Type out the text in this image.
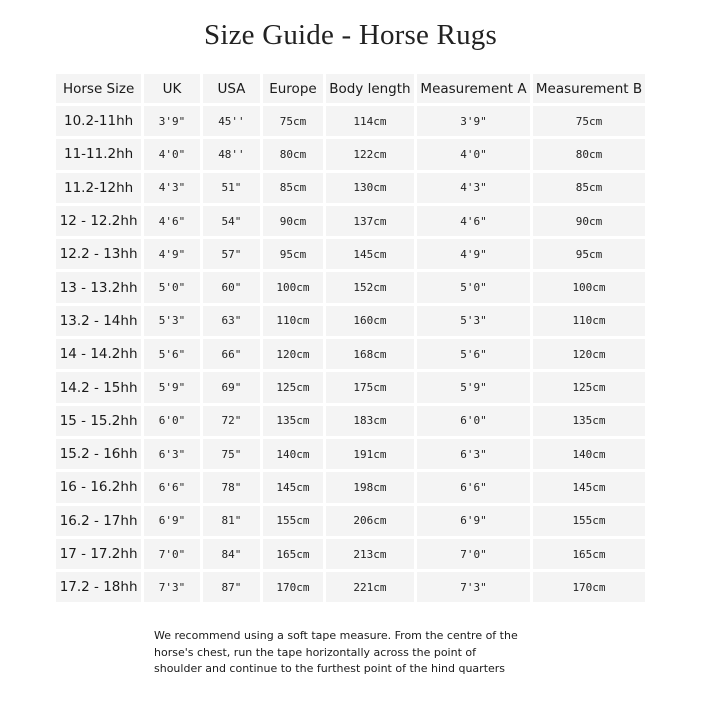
Size Guide - Horse Rugs
Horse Size	UK	USA	Europe	Body length	Measurement A	Measurement B
10.2-11hh	3'9"	45''	75cm	114cm	3'9"	75cm
11-11.2hh	4'0"	48''	80cm	122cm	4'0"	80cm
11.2-12hh	4'3"	51"	85cm	130cm	4'3"	85cm
12 - 12.2hh	4'6"	54"	90cm	137cm	4'6"	90cm
12.2 - 13hh	4'9"	57"	95cm	145cm	4'9"	95cm
13 - 13.2hh	5'0"	60"	100cm	152cm	5'0"	100cm
13.2 - 14hh	5'3"	63"	110cm	160cm	5'3"	110cm
14 - 14.2hh	5'6"	66"	120cm	168cm	5'6"	120cm
14.2 - 15hh	5'9"	69"	125cm	175cm	5'9"	125cm
15 - 15.2hh	6'0"	72"	135cm	183cm	6'0"	135cm
15.2 - 16hh	6'3"	75"	140cm	191cm	6'3"	140cm
16 - 16.2hh	6'6"	78"	145cm	198cm	6'6"	145cm
16.2 - 17hh	6'9"	81"	155cm	206cm	6'9"	155cm
17 - 17.2hh	7'0"	84"	165cm	213cm	7'0"	165cm
17.2 - 18hh	7'3"	87"	170cm	221cm	7'3"	170cm
We recommend using a soft tape measure. From the centre of the
horse's chest, run the tape horizontally across the point of
shoulder and continue to the furthest point of the hind quarters
